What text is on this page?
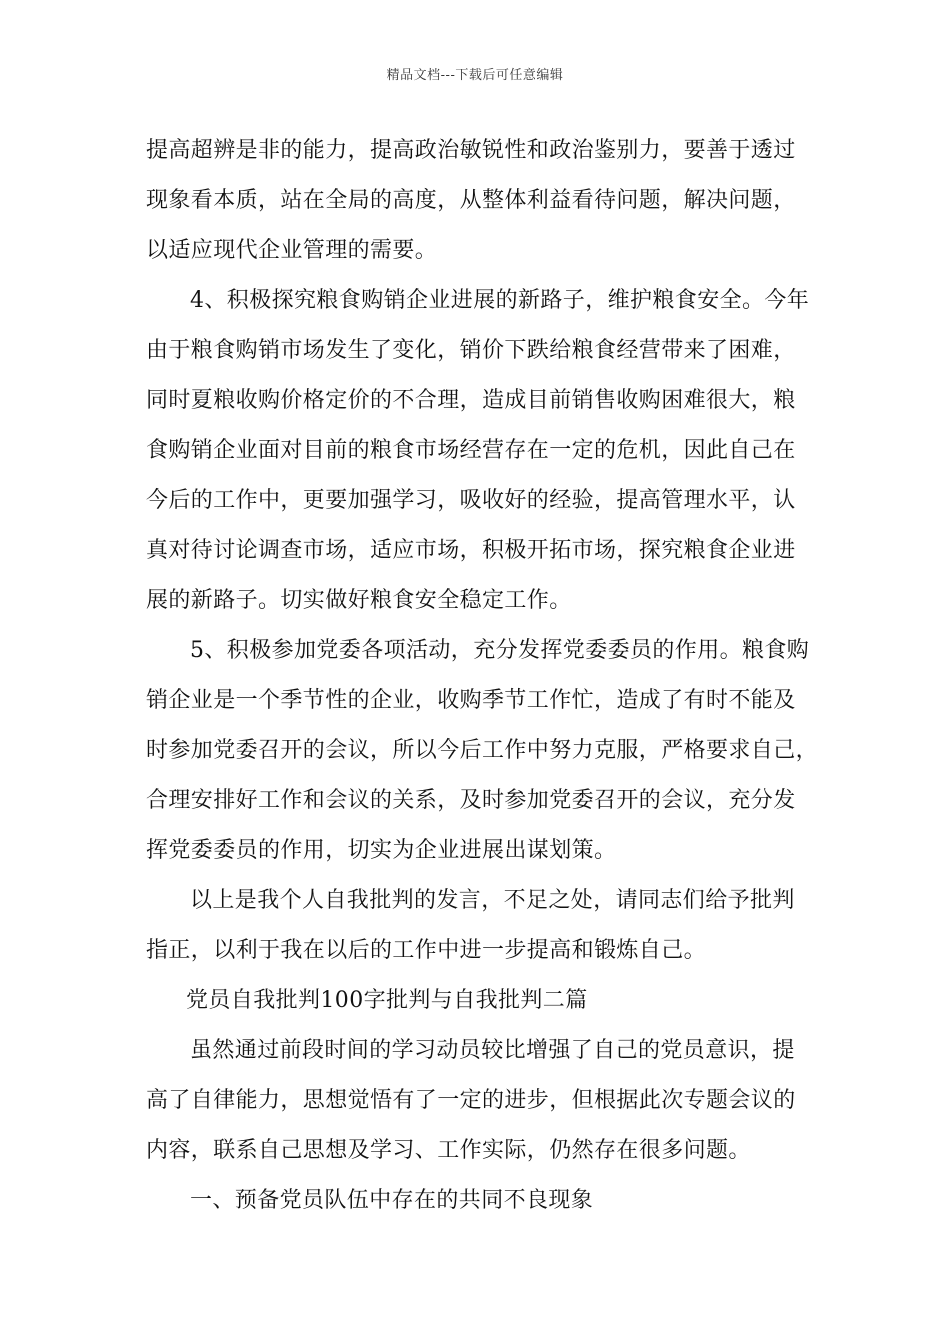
精品文档---下载后可任意编辑
提高超辨是非的能力，提高政治敏锐性和政治鉴别力，要善于透过
现象看本质，站在全局的高度，从整体利益看待问题，解决问题，
以适应现代企业管理的需要。
4、积极探究粮食购销企业进展的新路子，维护粮食安全。今年
由于粮食购销市场发生了变化，销价下跌给粮食经营带来了困难，
同时夏粮收购价格定价的不合理，造成目前销售收购困难很大，粮
食购销企业面对目前的粮食市场经营存在一定的危机，因此自己在
今后的工作中，更要加强学习，吸收好的经验，提高管理水平，认
真对待讨论调查市场，适应市场，积极开拓市场，探究粮食企业进
展的新路子。切实做好粮食安全稳定工作。
5、积极参加党委各项活动，充分发挥党委委员的作用。粮食购
销企业是一个季节性的企业，收购季节工作忙，造成了有时不能及
时参加党委召开的会议，所以今后工作中努力克服，严格要求自己，
合理安排好工作和会议的关系，及时参加党委召开的会议，充分发
挥党委委员的作用，切实为企业进展出谋划策。
以上是我个人自我批判的发言，不足之处，请同志们给予批判
指正，以利于我在以后的工作中进一步提高和锻炼自己。
党员自我批判100字批判与自我批判二篇
虽然通过前段时间的学习动员较比增强了自己的党员意识，提
高了自律能力，思想觉悟有了一定的进步，但根据此次专题会议的
内容，联系自己思想及学习、工作实际，仍然存在很多问题。
一、预备党员队伍中存在的共同不良现象
